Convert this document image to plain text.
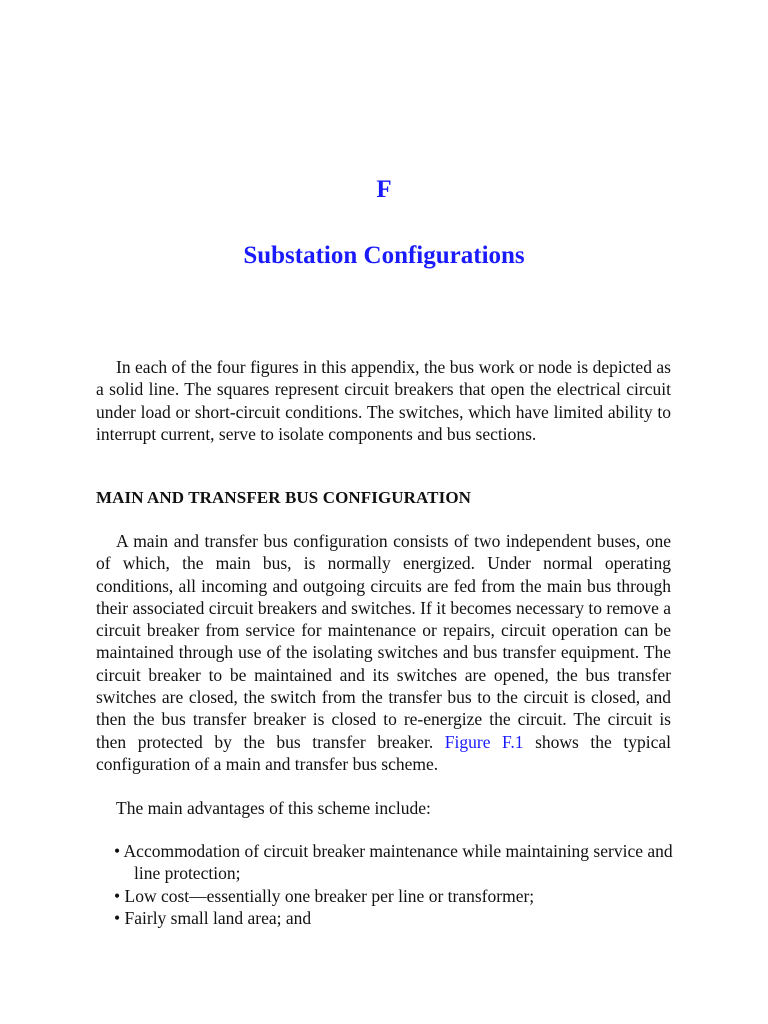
F
Substation Configurations

In each of the four figures in this appendix, the bus work or node is depicted as a solid line. The squares represent circuit breakers that open the electrical circuit under load or short-circuit conditions. The switches, which have limited ability to interrupt current, serve to isolate components and bus sections.

MAIN AND TRANSFER BUS CONFIGURATION

A main and transfer bus configuration consists of two independent buses, one of which, the main bus, is normally energized. Under normal operating conditions, all incoming and outgoing circuits are fed from the main bus through their associated circuit breakers and switches. If it becomes necessary to remove a circuit breaker from service for maintenance or repairs, circuit operation can be maintained through use of the isolating switches and bus transfer equipment. The circuit breaker to be maintained and its switches are opened, the bus transfer switches are closed, the switch from the transfer bus to the circuit is closed, and then the bus transfer breaker is closed to re-energize the circuit. The circuit is then protected by the bus transfer breaker. Figure F.1 shows the typical configuration of a main and transfer bus scheme.

The main advantages of this scheme include:

• Accommodation of circuit breaker maintenance while maintaining service and line protection;
• Low cost—essentially one breaker per line or transformer;
• Fairly small land area; and
